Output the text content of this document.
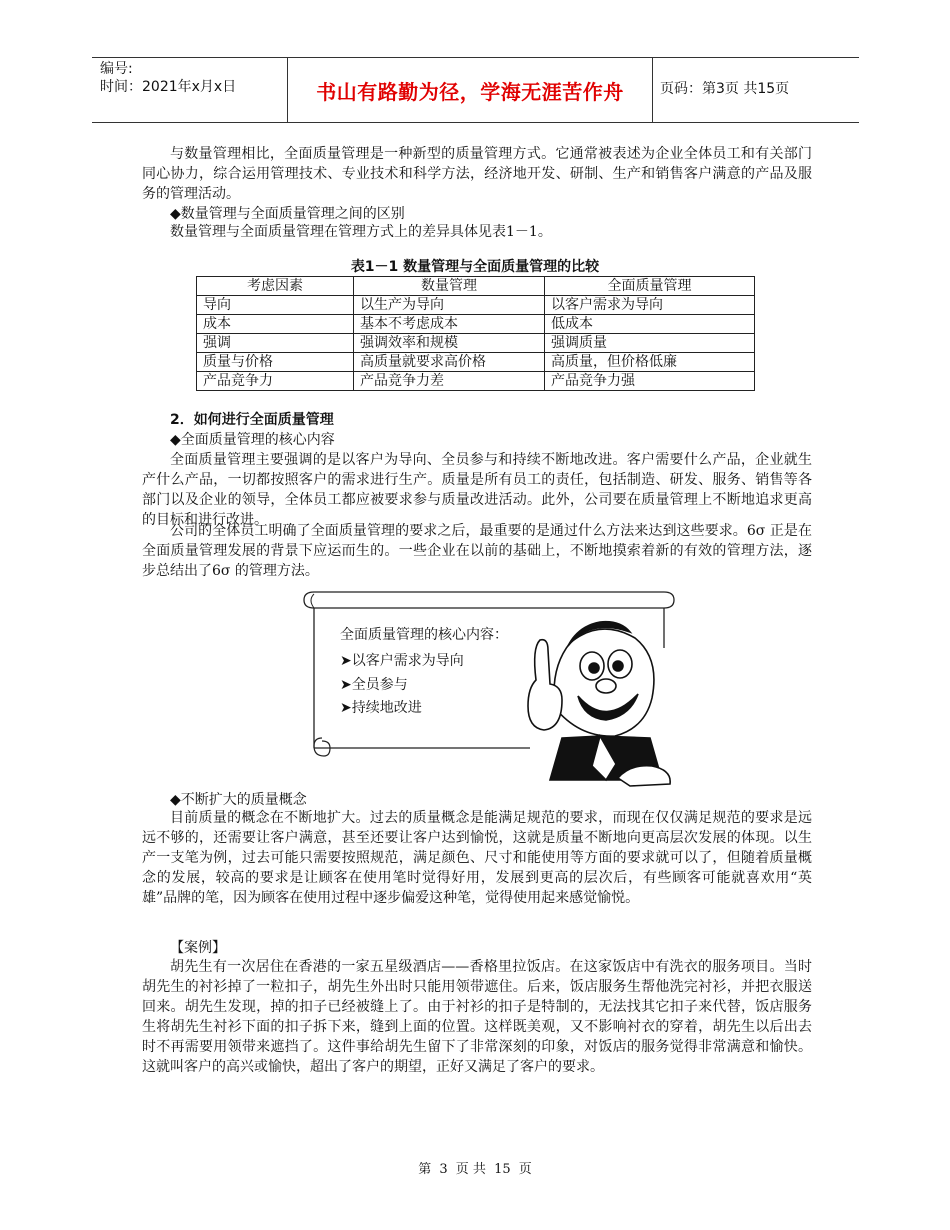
编号:
时间：2021年x月x日	书山有路勤为径，学海无涯苦作舟	页码：第3页 共15页

与数量管理相比，全面质量管理是一种新型的质量管理方式。它通常被表述为企业全体员工和有关部门同心协力，综合运用管理技术、专业技术和科学方法，经济地开发、研制、生产和销售客户满意的产品及服务的管理活动。

◆数量管理与全面质量管理之间的区别

数量管理与全面质量管理在管理方式上的差异具体见表1－1。

表1－1 数量管理与全面质量管理的比较
考虑因素	数量管理	全面质量管理
导向	以生产为导向	以客户需求为导向
成本	基本不考虑成本	低成本
强调	强调效率和规模	强调质量
质量与价格	高质量就要求高价格	高质量，但价格低廉
产品竞争力	产品竞争力差	产品竞争力强

2．如何进行全面质量管理

◆全面质量管理的核心内容

全面质量管理主要强调的是以客户为导向、全员参与和持续不断地改进。客户需要什么产品，企业就生产什么产品，一切都按照客户的需求进行生产。质量是所有员工的责任，包括制造、研发、服务、销售等各部门以及企业的领导，全体员工都应被要求参与质量改进活动。此外，公司要在质量管理上不断地追求更高的目标和进行改进。

公司的全体员工明确了全面质量管理的要求之后，最重要的是通过什么方法来达到这些要求。6σ 正是在全面质量管理发展的背景下应运而生的。一些企业在以前的基础上，不断地摸索着新的有效的管理方法，逐步总结出了6σ 的管理方法。

全面质量管理的核心内容：
➤以客户需求为导向
➤全员参与
➤持续地改进

◆不断扩大的质量概念

目前质量的概念在不断地扩大。过去的质量概念是能满足规范的要求，而现在仅仅满足规范的要求是远远不够的，还需要让客户满意，甚至还要让客户达到愉悦，这就是质量不断地向更高层次发展的体现。以生产一支笔为例，过去可能只需要按照规范，满足颜色、尺寸和能使用等方面的要求就可以了，但随着质量概念的发展，较高的要求是让顾客在使用笔时觉得好用，发展到更高的层次后，有些顾客可能就喜欢用“英雄”品牌的笔，因为顾客在使用过程中逐步偏爱这种笔，觉得使用起来感觉愉悦。

【案例】

胡先生有一次居住在香港的一家五星级酒店——香格里拉饭店。在这家饭店中有洗衣的服务项目。当时胡先生的衬衫掉了一粒扣子，胡先生外出时只能用领带遮住。后来，饭店服务生帮他洗完衬衫，并把衣服送回来。胡先生发现，掉的扣子已经被缝上了。由于衬衫的扣子是特制的，无法找其它扣子来代替，饭店服务生将胡先生衬衫下面的扣子拆下来，缝到上面的位置。这样既美观，又不影响衬衣的穿着，胡先生以后出去时不再需要用领带来遮挡了。这件事给胡先生留下了非常深刻的印象，对饭店的服务觉得非常满意和愉快。这就叫客户的高兴或愉快，超出了客户的期望，正好又满足了客户的要求。

第 3 页 共 15 页
